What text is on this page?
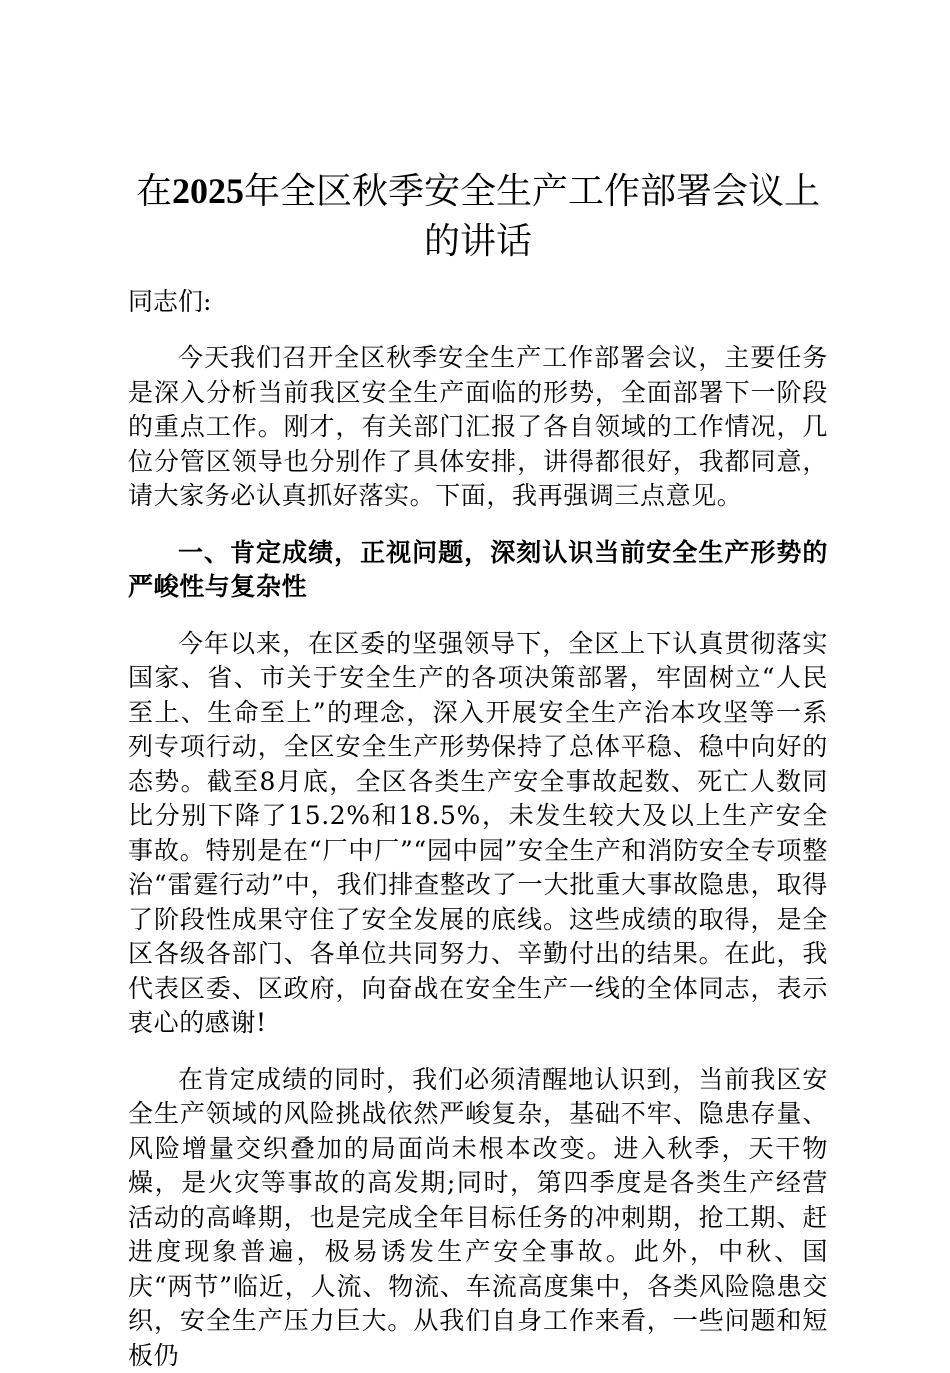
在2025年全区秋季安全生产工作部署会议上的讲话

同志们:

今天我们召开全区秋季安全生产工作部署会议，主要任务是深入分析当前我区安全生产面临的形势，全面部署下一阶段的重点工作。刚才，有关部门汇报了各自领域的工作情况，几位分管区领导也分别作了具体安排，讲得都很好，我都同意，请大家务必认真抓好落实。下面，我再强调三点意见。

一、肯定成绩，正视问题，深刻认识当前安全生产形势的严峻性与复杂性

今年以来，在区委的坚强领导下，全区上下认真贯彻落实国家、省、市关于安全生产的各项决策部署，牢固树立“人民至上、生命至上”的理念，深入开展安全生产治本攻坚等一系列专项行动，全区安全生产形势保持了总体平稳、稳中向好的态势。截至8月底，全区各类生产安全事故起数、死亡人数同比分别下降了15.2%和18.5%，未发生较大及以上生产安全事故。特别是在“厂中厂”“园中园”安全生产和消防安全专项整治“雷霆行动”中，我们排查整改了一大批重大事故隐患，取得了阶段性成果守住了安全发展的底线。这些成绩的取得，是全区各级各部门、各单位共同努力、辛勤付出的结果。在此，我代表区委、区政府，向奋战在安全生产一线的全体同志，表示衷心的感谢!

在肯定成绩的同时，我们必须清醒地认识到，当前我区安全生产领域的风险挑战依然严峻复杂，基础不牢、隐患存量、风险增量交织叠加的局面尚未根本改变。进入秋季，天干物燥，是火灾等事故的高发期;同时，第四季度是各类生产经营活动的高峰期，也是完成全年目标任务的冲刺期，抢工期、赶进度现象普遍，极易诱发生产安全事故。此外，中秋、国庆“两节”临近，人流、物流、车流高度集中，各类风险隐患交织，安全生产压力巨大。从我们自身工作来看，一些问题和短板仍
